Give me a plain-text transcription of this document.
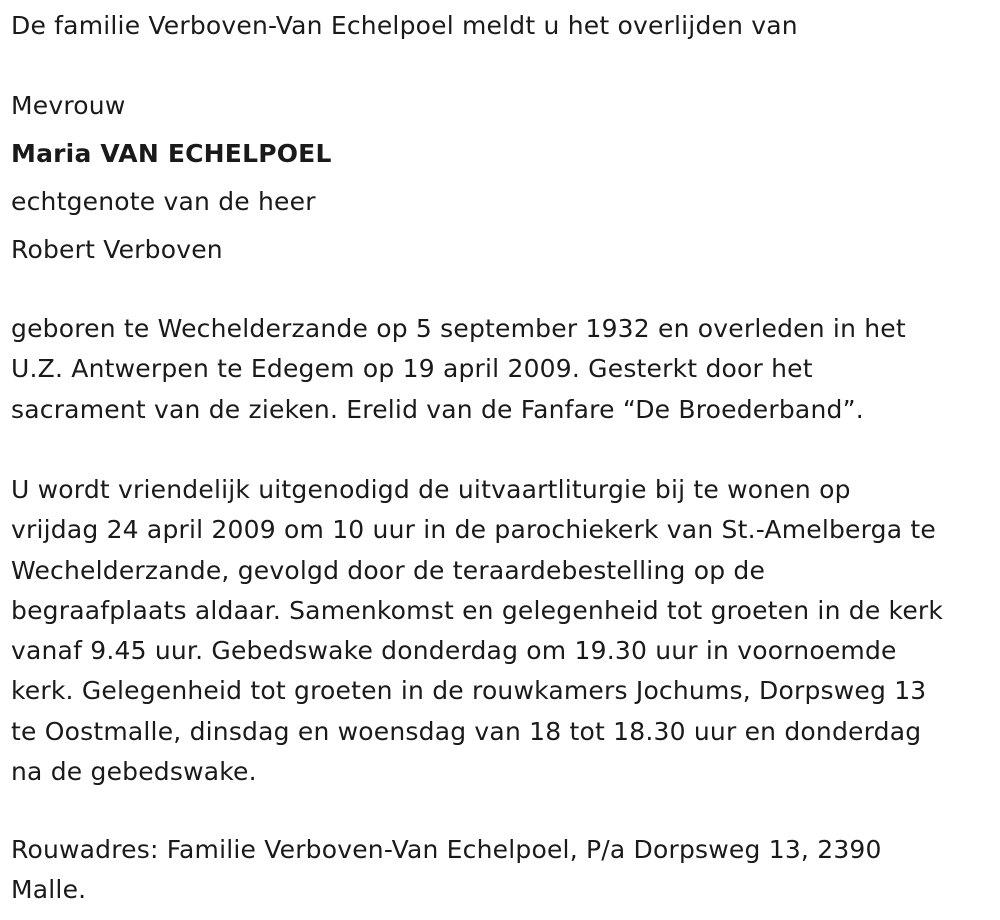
De familie Verboven-Van Echelpoel meldt u het overlijden van

Mevrouw

Maria VAN ECHELPOEL

echtgenote van de heer

Robert Verboven

geboren te Wechelderzande op 5 september 1932 en overleden in het
U.Z. Antwerpen te Edegem op 19 april 2009. Gesterkt door het
sacrament van de zieken. Erelid van de Fanfare “De Broederband”.
U wordt vriendelijk uitgenodigd de uitvaartliturgie bij te wonen op
vrijdag 24 april 2009 om 10 uur in de parochiekerk van St.-Amelberga te
Wechelderzande, gevolgd door de teraardebestelling op de
begraafplaats aldaar. Samenkomst en gelegenheid tot groeten in de kerk
vanaf 9.45 uur. Gebedswake donderdag om 19.30 uur in voornoemde
kerk. Gelegenheid tot groeten in de rouwkamers Jochums, Dorpsweg 13
te Oostmalle, dinsdag en woensdag van 18 tot 18.30 uur en donderdag
na de gebedswake.
Rouwadres: Familie Verboven-Van Echelpoel, P/a Dorpsweg 13, 2390
Malle.
